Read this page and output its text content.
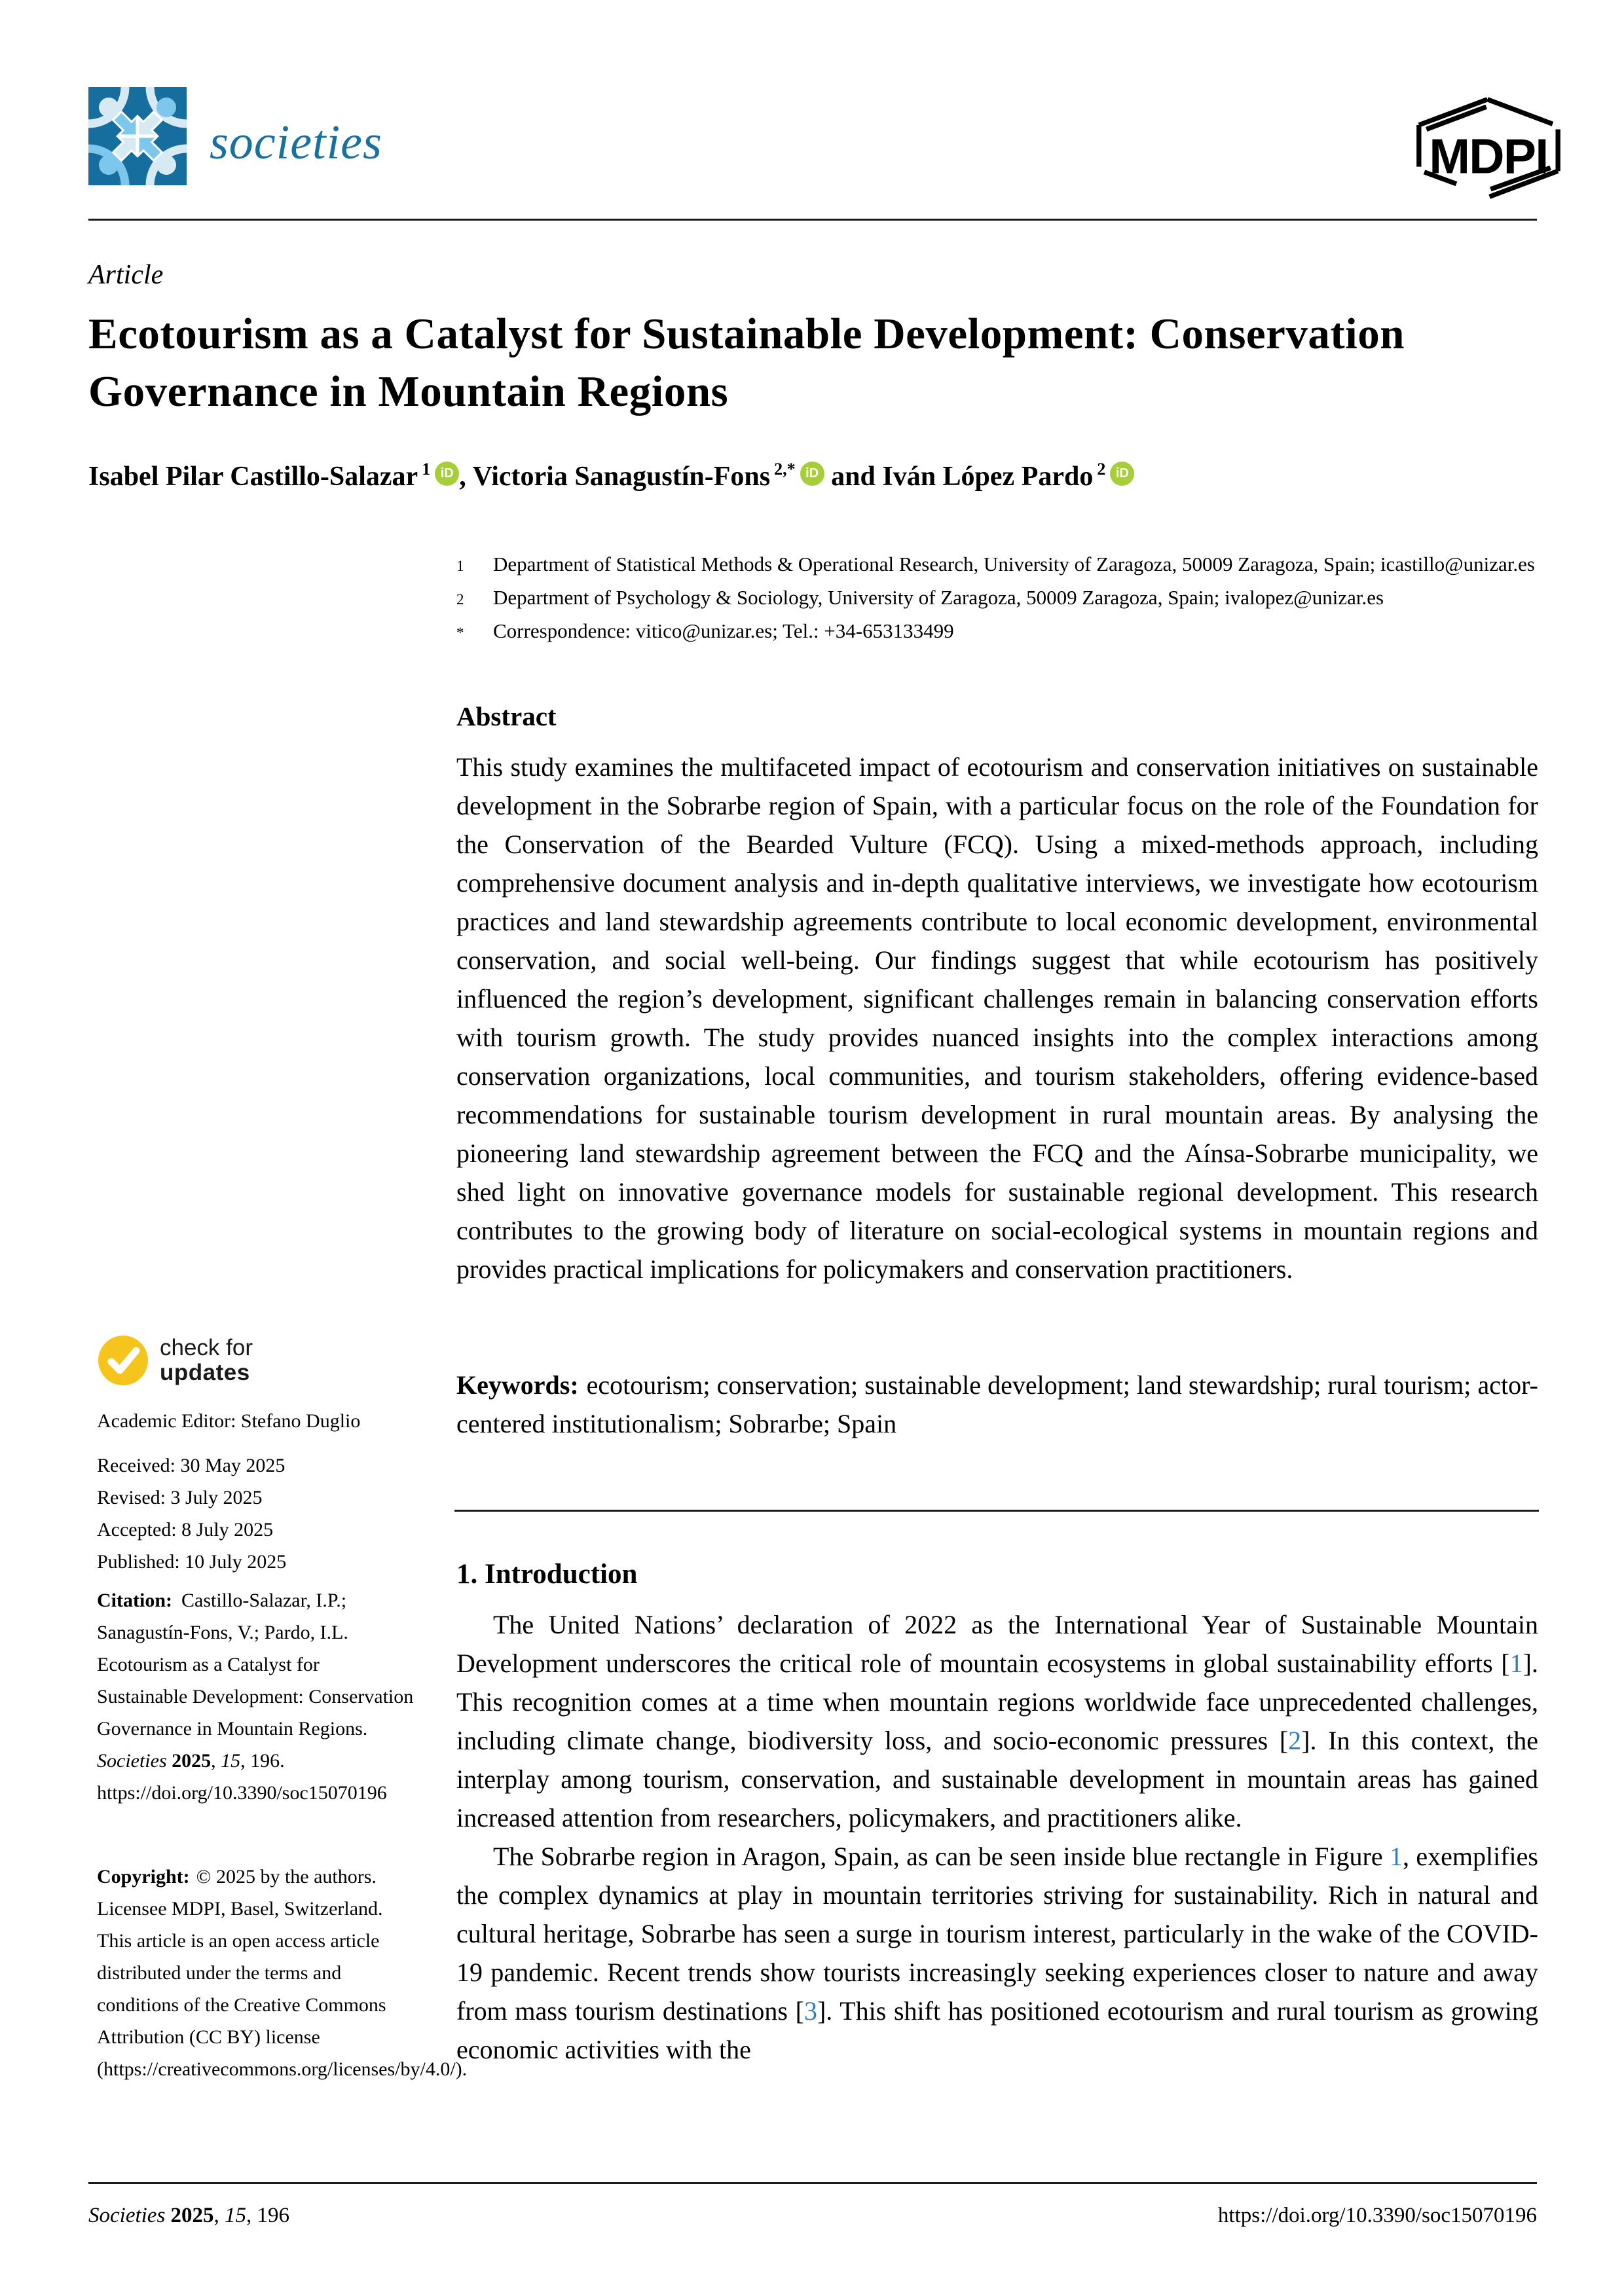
societies	MDPI
Article
Ecotourism as a Catalyst for Sustainable Development: Conservation Governance in Mountain Regions
Isabel Pilar Castillo-Salazar $^1$ iD , Victoria Sanagustín-Fons $^{2,*}$ iD and Iván López Pardo $^2$ iD
1	Department of Statistical Methods & Operational Research, University of Zaragoza, 50009 Zaragoza, Spain; icastillo@unizar.es
2	Department of Psychology & Sociology, University of Zaragoza, 50009 Zaragoza, Spain; ivalopez@unizar.es
*	Correspondence: vitico@unizar.es; Tel.: +34-653133499
Abstract
This study examines the multifaceted impact of ecotourism and conservation initiatives on sustainable development in the Sobrarbe region of Spain, with a particular focus on the role of the Foundation for the Conservation of the Bearded Vulture (FCQ). Using a mixed-methods approach, including comprehensive document analysis and in-depth qualitative interviews, we investigate how ecotourism practices and land stewardship agreements contribute to local economic development, environmental conservation, and social well-being. Our findings suggest that while ecotourism has positively influenced the region’s development, significant challenges remain in balancing conservation efforts with tourism growth. The study provides nuanced insights into the complex interactions among conservation organizations, local communities, and tourism stakeholders, offering evidence-based recommendations for sustainable tourism development in rural mountain areas. By analysing the pioneering land stewardship agreement between the FCQ and the Aínsa-Sobrarbe municipality, we shed light on innovative governance models for sustainable regional development. This research contributes to the growing body of literature on social-ecological systems in mountain regions and provides practical implications for policymakers and conservation practitioners.
Keywords: ecotourism; conservation; sustainable development; land stewardship; rural tourism; actor-centered institutionalism; Sobrarbe; Spain
1. Introduction

The United Nations’ declaration of 2022 as the International Year of Sustainable Mountain Development underscores the critical role of mountain ecosystems in global sustainability efforts [1]. This recognition comes at a time when mountain regions worldwide face unprecedented challenges, including climate change, biodiversity loss, and socio-economic pressures [2]. In this context, the interplay among tourism, conservation, and sustainable development in mountain areas has gained increased attention from researchers, policymakers, and practitioners alike.

The Sobrarbe region in Aragon, Spain, as can be seen inside blue rectangle in Figure 1, exemplifies the complex dynamics at play in mountain territories striving for sustainability. Rich in natural and cultural heritage, Sobrarbe has seen a surge in tourism interest, particularly in the wake of the COVID-19 pandemic. Recent trends show tourists increasingly seeking experiences closer to nature and away from mass tourism destinations [3]. This shift has positioned ecotourism and rural tourism as growing economic activities with the

check for
updates
Academic Editor: Stefano Duglio
Received: 30 May 2025
Revised: 3 July 2025
Accepted: 8 July 2025
Published: 10 July 2025
Citation: Castillo-Salazar, I.P.; Sanagustín-Fons, V.; Pardo, I.L. Ecotourism as a Catalyst for Sustainable Development: Conservation Governance in Mountain Regions. Societies 2025, 15, 196. https://doi.org/10.3390/soc15070196
Copyright: © 2025 by the authors. Licensee MDPI, Basel, Switzerland. This article is an open access article distributed under the terms and conditions of the Creative Commons Attribution (CC BY) license (https://creativecommons.org/licenses/by/4.0/).
Societies 2025, 15, 196	https://doi.org/10.3390/soc15070196
